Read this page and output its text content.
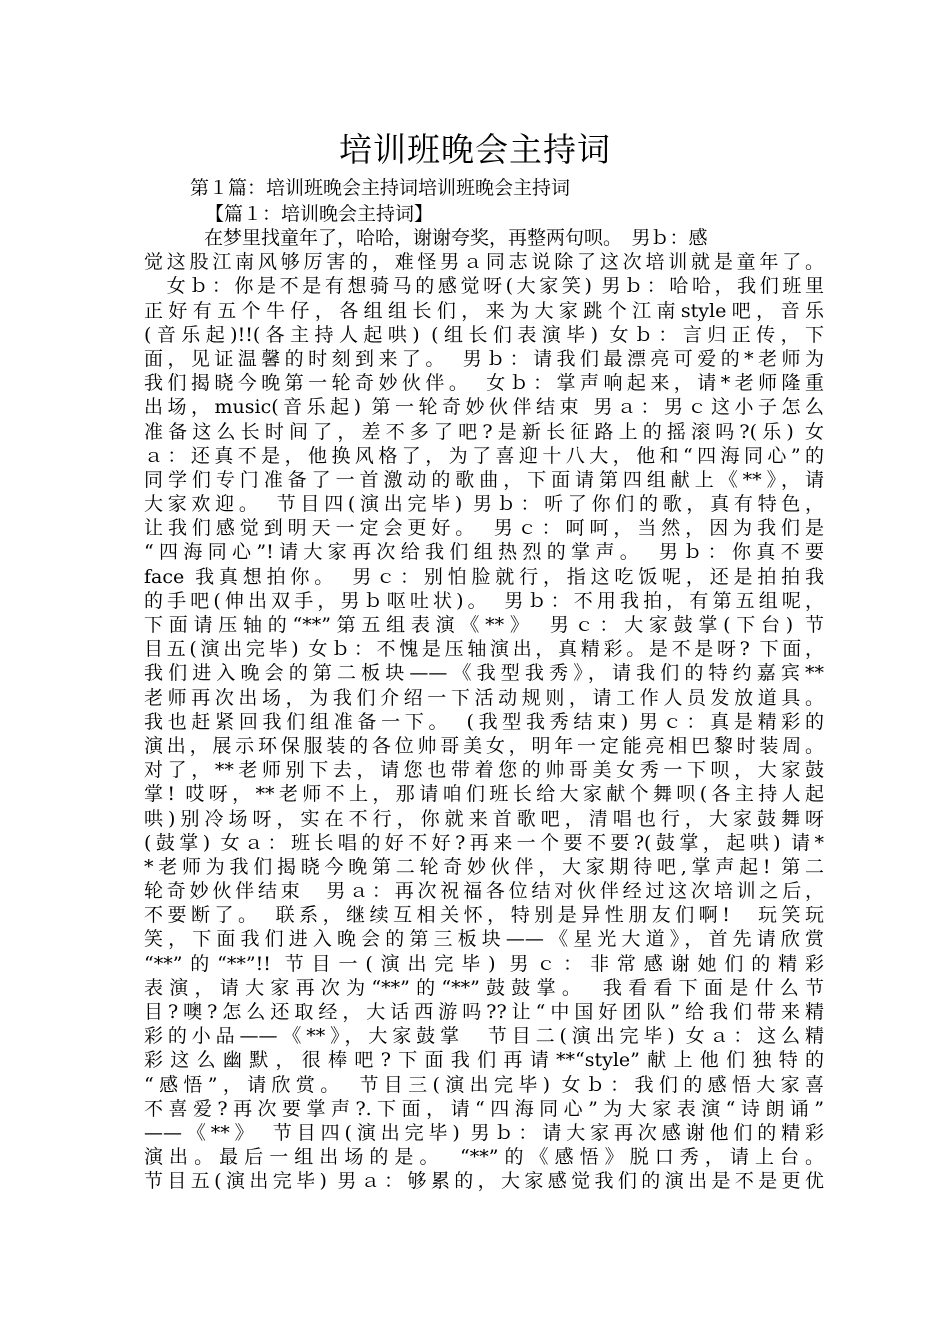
培训班晚会主持词
第１篇：培训班晚会主持词培训班晚会主持词
【篇１：培训晚会主持词】
在梦里找童年了，哈哈，谢谢夸奖，再整两句呗。　男ｂ：感
觉这股江南风够厉害的，难怪男ａ同志说除了这次培训就是童年了。
　女ｂ：你是不是有想骑马的感觉呀(大家笑) 男ｂ：哈哈，我们班里
正好有五个牛仔，各组组长们，来为大家跳个江南style吧，音乐
(音乐起)!!(各主持人起哄) (组长们表演毕) 女ｂ：言归正传，下
面，见证温馨的时刻到来了。　男ｂ：请我们最漂亮可爱的*老师为
我们揭晓今晚第一轮奇妙伙伴。　女ｂ：掌声响起来，请*老师隆重
出场，music(音乐起) 第一轮奇妙伙伴结束 男ａ：男ｃ这小子怎么
准备这么长时间了，差不多了吧?是新长征路上的摇滚吗?(乐) 女
ａ：还真不是，他换风格了，为了喜迎十八大，他和“四海同心”的
同学们专门准备了一首激动的歌曲，下面请第四组献上《**》，请
大家欢迎。　节目四(演出完毕) 男ｂ：听了你们的歌，真有特色，
让我们感觉到明天一定会更好。　男ｃ：呵呵，当然，因为我们是
“四海同心”!请大家再次给我们组热烈的掌声。　男ｂ：你真不要
face 我真想拍你。　男ｃ：别怕脸就行，指这吃饭呢，还是拍拍我
的手吧(伸出双手，男ｂ呕吐状)。　男ｂ：不用我拍，有第五组呢，
下面请压轴的“**”第五组表演《**》　男ｃ：大家鼓掌(下台) 节
目五(演出完毕) 女ｂ：不愧是压轴演出，真精彩。是不是呀? 下面，
我们进入晚会的第二板块——《我型我秀》，请我们的特约嘉宾**
老师再次出场，为我们介绍一下活动规则，请工作人员发放道具。
我也赶紧回我们组准备一下。　(我型我秀结束) 男ｃ：真是精彩的
演出，展示环保服装的各位帅哥美女，明年一定能亮相巴黎时装周。
对了，**老师别下去，请您也带着您的帅哥美女秀一下呗，大家鼓
掌! 哎呀，**老师不上，那请咱们班长给大家献个舞呗(各主持人起
哄)别冷场呀，实在不行，你就来首歌吧，清唱也行，大家鼓舞呀
(鼓掌) 女ａ：班长唱的好不好?再来一个要不要?(鼓掌，起哄) 请*
*老师为我们揭晓今晚第二轮奇妙伙伴，大家期待吧,掌声起! 第二
轮奇妙伙伴结束　男ａ：再次祝福各位结对伙伴经过这次培训之后，
不要断了。　联系，继续互相关怀，特别是异性朋友们啊!　玩笑玩
笑，下面我们进入晚会的第三板块——《星光大道》，首先请欣赏
“**”的“**”!! 节目一(演出完毕) 男ｃ：非常感谢她们的精彩
表演，请大家再次为“**”的“**”鼓鼓掌。　我看看下面是什么节
目?噢?怎么还取经，大话西游吗??让“中国好团队”给我们带来精
彩的小品——《**》，大家鼓掌　节目二(演出完毕) 女ａ：这么精
彩这么幽默，很棒吧?下面我们再请**“style”献上他们独特的
“感悟”，请欣赏。　节目三(演出完毕) 女ｂ：我们的感悟大家喜
不喜爱?再次要掌声?.下面，请“四海同心”为大家表演“诗朗诵”
——《**》　节目四(演出完毕) 男ｂ：请大家再次感谢他们的精彩
演出。最后一组出场的是。　“**”的《感悟》脱口秀，请上台。
节目五(演出完毕) 男ａ：够累的，大家感觉我们的演出是不是更优
